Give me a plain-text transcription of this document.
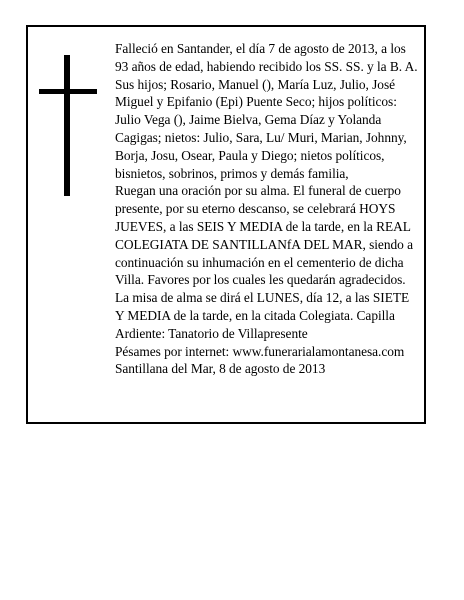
Falleció en Santander, el día 7 de agosto de 2013, a los 93 años de edad, habiendo recibido los SS. SS. y la B. A.

Sus hijos; Rosario, Manuel (), María Luz, Julio, José Miguel y Epifanio (Epi) Puente Seco; hijos políticos: Julio Vega (), Jaime Bielva, Gema Díaz y Yolanda Cagigas; nietos: Julio, Sara, Lu/ Muri, Marian, Johnny, Borja, Josu, Osear, Paula y Diego; nietos políticos, bisnietos, sobrinos, primos y demás familia,

Ruegan una oración por su alma. El funeral de cuerpo presente, por su eterno descanso, se celebrará HOYS JUEVES, a las SEIS Y MEDIA de la tarde, en la REAL COLEGIATA DE SANTILLANfA DEL MAR, siendo a continuación su inhumación en el cementerio de dicha Villa. Favores por los cuales les quedarán agradecidos.

La misa de alma se dirá el LUNES, día 12, a las SIETE Y MEDIA de la tarde, en la citada Colegiata. Capilla Ardiente: Tanatorio de Villapresente

Pésames por internet: www.funerarialamontanesa.com

Santillana del Mar, 8 de agosto de 2013
